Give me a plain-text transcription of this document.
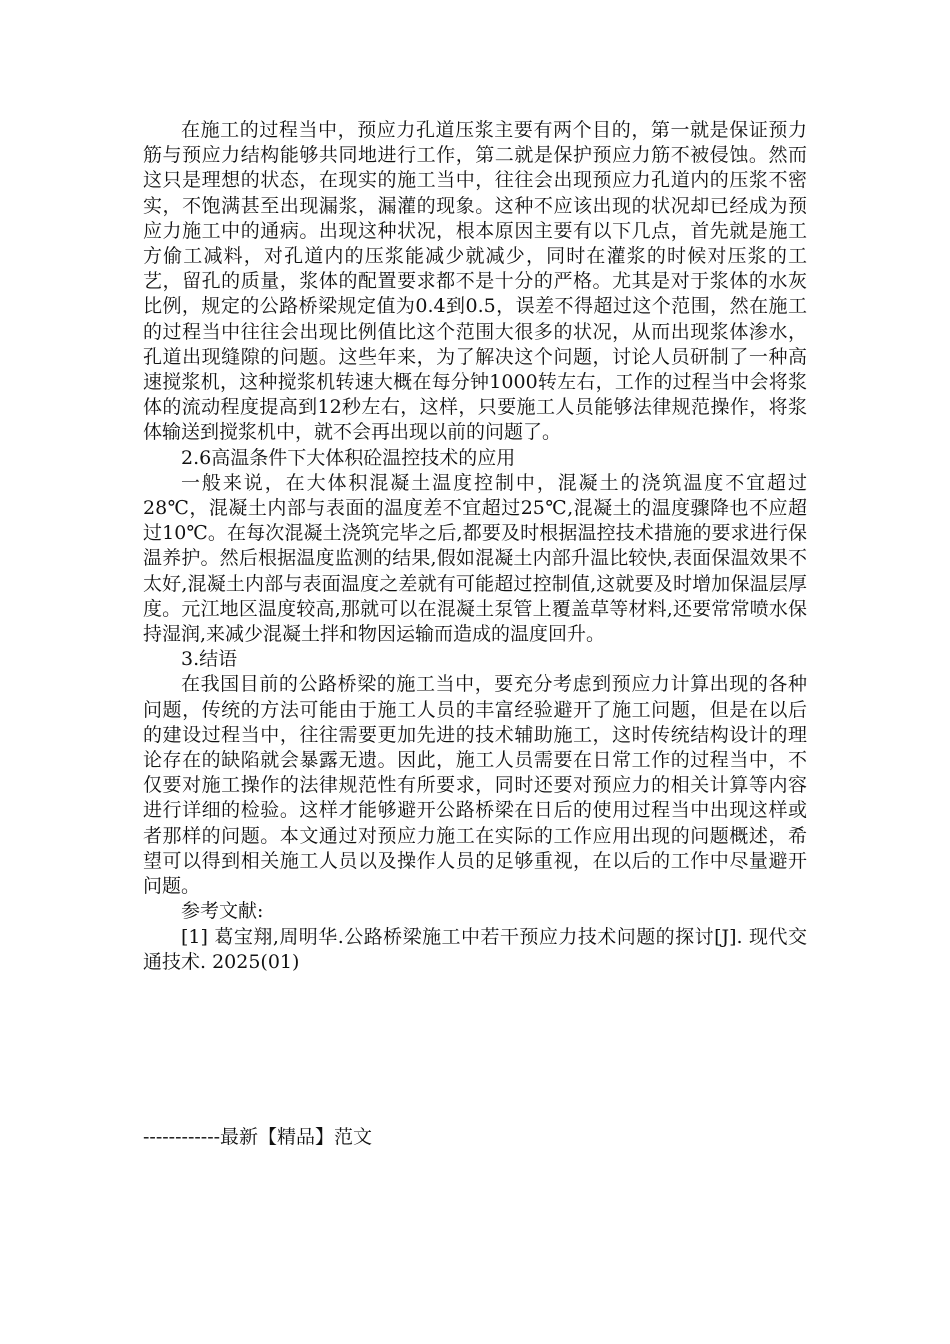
在施工的过程当中，预应力孔道压浆主要有两个目的，第一就是保证预力筋与预应力结构能够共同地进行工作，第二就是保护预应力筋不被侵蚀。然而这只是理想的状态，在现实的施工当中，往往会出现预应力孔道内的压浆不密实，不饱满甚至出现漏浆，漏灌的现象。这种不应该出现的状况却已经成为预应力施工中的通病。出现这种状况，根本原因主要有以下几点，首先就是施工方偷工减料，对孔道内的压浆能减少就减少，同时在灌浆的时候对压浆的工艺，留孔的质量，浆体的配置要求都不是十分的严格。尤其是对于浆体的水灰比例，规定的公路桥梁规定值为0.4到0.5，误差不得超过这个范围，然在施工的过程当中往往会出现比例值比这个范围大很多的状况，从而出现浆体渗水，孔道出现缝隙的问题。这些年来，为了解决这个问题，讨论人员研制了一种高速搅浆机，这种搅浆机转速大概在每分钟1000转左右，工作的过程当中会将浆体的流动程度提高到12秒左右，这样，只要施工人员能够法律规范操作，将浆体输送到搅浆机中，就不会再出现以前的问题了。

2.6高温条件下大体积砼温控技术的应用

一般来说，在大体积混凝土温度控制中，混凝土的浇筑温度不宜超过28℃，混凝土内部与表面的温度差不宜超过25℃,混凝土的温度骤降也不应超过10℃。在每次混凝土浇筑完毕之后,都要及时根据温控技术措施的要求进行保温养护。然后根据温度监测的结果,假如混凝土内部升温比较快,表面保温效果不太好,混凝土内部与表面温度之差就有可能超过控制值,这就要及时增加保温层厚度。元江地区温度较高,那就可以在混凝土泵管上覆盖草等材料,还要常常喷水保持湿润,来减少混凝土拌和物因运输而造成的温度回升。

3.结语

在我国目前的公路桥梁的施工当中，要充分考虑到预应力计算出现的各种问题，传统的方法可能由于施工人员的丰富经验避开了施工问题，但是在以后的建设过程当中，往往需要更加先进的技术辅助施工，这时传统结构设计的理论存在的缺陷就会暴露无遗。因此，施工人员需要在日常工作的过程当中，不仅要对施工操作的法律规范性有所要求，同时还要对预应力的相关计算等内容进行详细的检验。这样才能够避开公路桥梁在日后的使用过程当中出现这样或者那样的问题。本文通过对预应力施工在实际的工作应用出现的问题概述，希望可以得到相关施工人员以及操作人员的足够重视，在以后的工作中尽量避开问题。

参考文献:

[1] 葛宝翔,周明华.公路桥梁施工中若干预应力技术问题的探讨[J]. 现代交通技术. 2025(01)

------------最新【精品】范文
